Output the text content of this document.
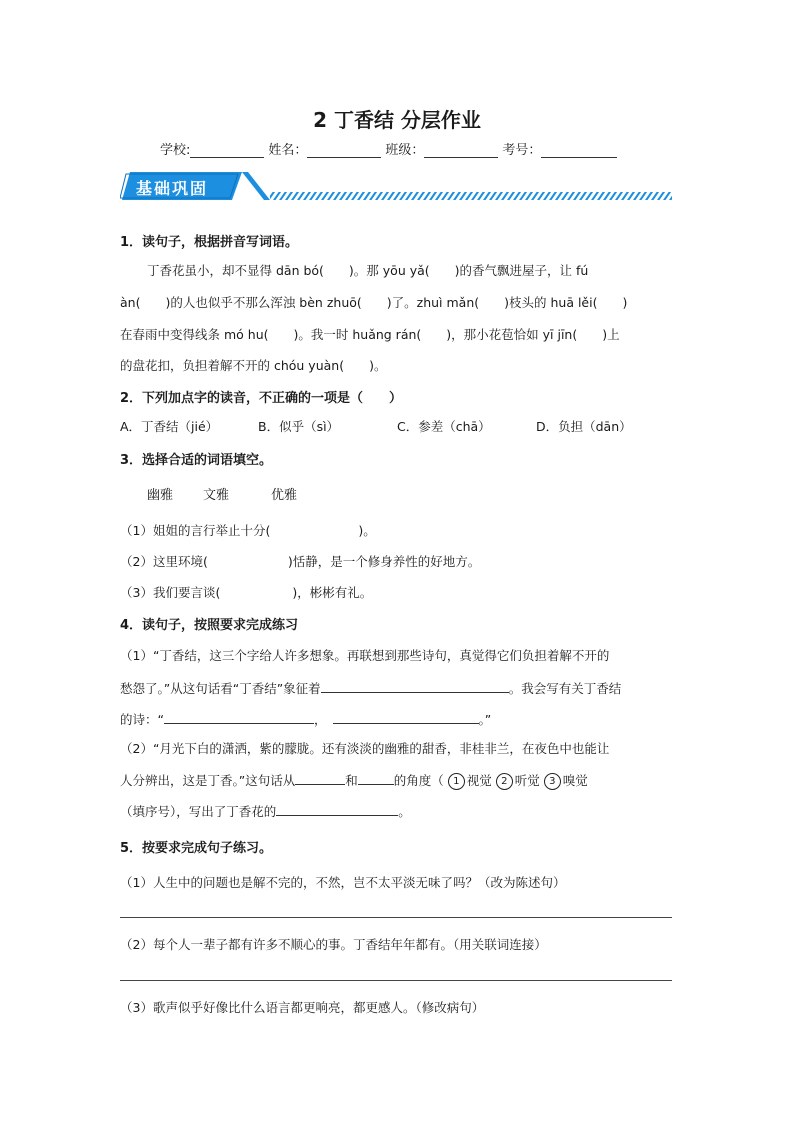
2 丁香结 分层作业
学校:	姓名：	班级：	考号：
基础巩固
1．读句子，根据拼音写词语。
丁香花虽小，却不显得 dān bó(　　)。那 yōu yǎ(　　)的香气飘进屋子，让 fú
àn(　　)的人也似乎不那么浑浊 bèn zhuō(　　)了。zhuì mǎn(　　)枝头的 huā lěi(　　)
在春雨中变得线条 mó hu(　　)。我一时 huǎng rán(　　)，那小花苞恰如 yī jīn(　　)上
的盘花扣，负担着解不开的 chóu yuàn(　　)。
2．下列加点字的读音，不正确的一项是（　　）
A．丁香结（jié）	B．似乎（sì）	C．参差（chā）	D．负担（dān）
3．选择合适的词语填空。
幽雅 文雅	优雅
（1）姐姐的言行举止十分(	)。
（2）这里环境(	)恬静，是一个修身养性的好地方。
（3）我们要言谈(	)，彬彬有礼。
4．读句子，按照要求完成练习
（1）“丁香结，这三个字给人许多想象。再联想到那些诗句，真觉得它们负担着解不开的
愁怨了。”从这句话看“丁香结”象征着	。我会写有关丁香结
的诗：“	，	。”
（2）“月光下白的潇洒，紫的朦胧。还有淡淡的幽雅的甜香，非桂非兰，在夜色中也能让
人分辨出，这是丁香。”这句话从	和	的角度（ 1 视觉 2 听觉 3 嗅觉
（填序号），写出了丁香花的	。
5．按要求完成句子练习。
（1）人生中的问题也是解不完的，不然，岂不太平淡无味了吗？（改为陈述句）
（2）每个人一辈子都有许多不顺心的事。丁香结年年都有。（用关联词连接）
（3）歌声似乎好像比什么语言都更响亮，都更感人。（修改病句）
